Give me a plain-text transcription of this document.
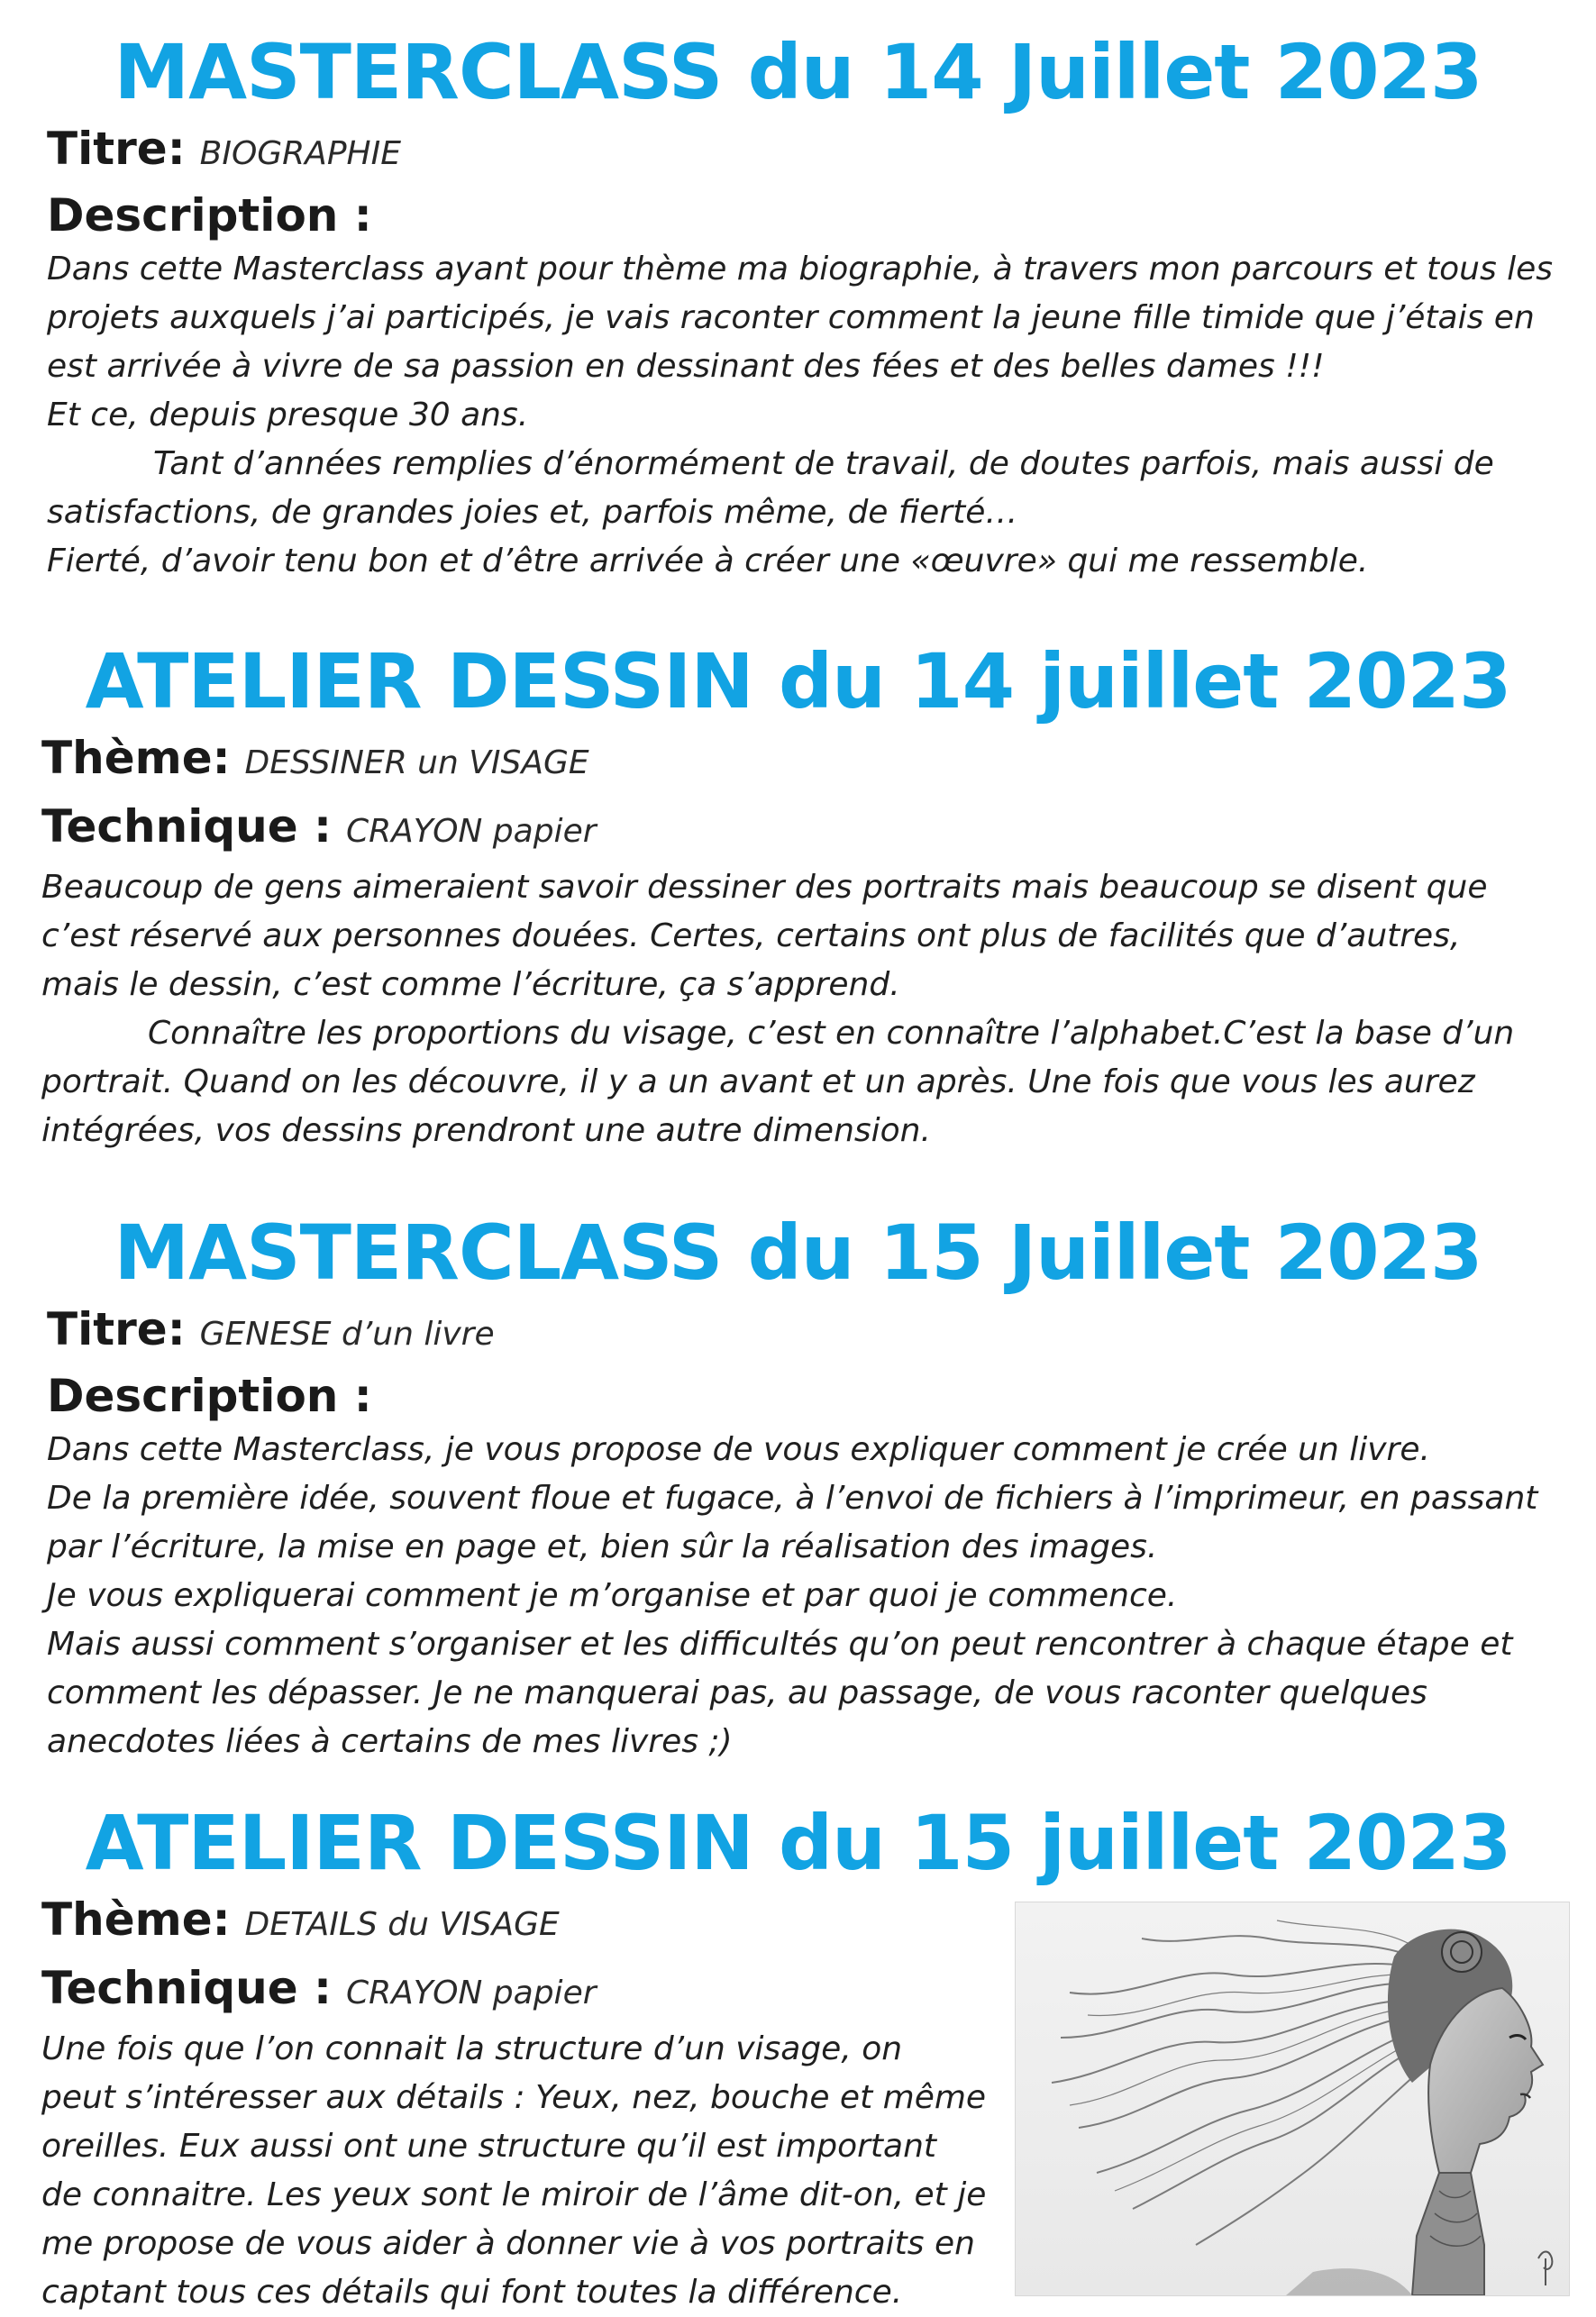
MASTERCLASS du 14 Juillet 2023

Titre: BIOGRAPHIE

Description :

Dans cette Masterclass ayant pour thème ma biographie, à travers mon parcours et tous les

projets auxquels j’ai participés, je vais raconter comment la jeune fille timide que j’étais en

est arrivée à vivre de sa passion en dessinant des fées et des belles dames !!!

Et ce, depuis presque 30 ans.

Tant d’années remplies d’énormément de travail, de doutes parfois, mais aussi de

satisfactions, de grandes joies et, parfois même, de fierté…

Fierté, d’avoir tenu bon et d’être arrivée à créer une «œuvre» qui me ressemble.

ATELIER DESSIN du 14 juillet 2023

Thème: DESSINER un VISAGE

Technique : CRAYON papier

Beaucoup de gens aimeraient savoir dessiner des portraits mais beaucoup se disent que

c’est réservé aux personnes douées. Certes, certains ont plus de facilités que d’autres,

mais le dessin, c’est comme l’écriture, ça s’apprend.

Connaître les proportions du visage, c’est en connaître l’alphabet.C’est la base d’un

portrait. Quand on les découvre, il y a un avant et un après. Une fois que vous les aurez

intégrées, vos dessins prendront une autre dimension.

MASTERCLASS du 15 Juillet 2023

Titre: GENESE d’un livre

Description :

Dans cette Masterclass, je vous propose de vous expliquer comment je crée un livre.

De la première idée, souvent floue et fugace, à l’envoi de fichiers à l’imprimeur, en passant

par l’écriture, la mise en page et, bien sûr la réalisation des images.

Je vous expliquerai comment je m’organise et par quoi je commence.

Mais aussi comment s’organiser et les difficultés qu’on peut rencontrer à chaque étape et

comment les dépasser. Je ne manquerai pas, au passage, de vous raconter quelques

anecdotes liées à certains de mes livres ;)

ATELIER DESSIN du 15 juillet 2023

Thème: DETAILS du VISAGE

Technique : CRAYON papier

Une fois que l’on connait la structure d’un visage, on

peut s’intéresser aux détails : Yeux, nez, bouche et même

oreilles. Eux aussi ont une structure qu’il est important

de connaitre. Les yeux sont le miroir de l’âme dit-on, et je

me propose de vous aider à donner vie à vos portraits en

captant tous ces détails qui font toutes la différence.
